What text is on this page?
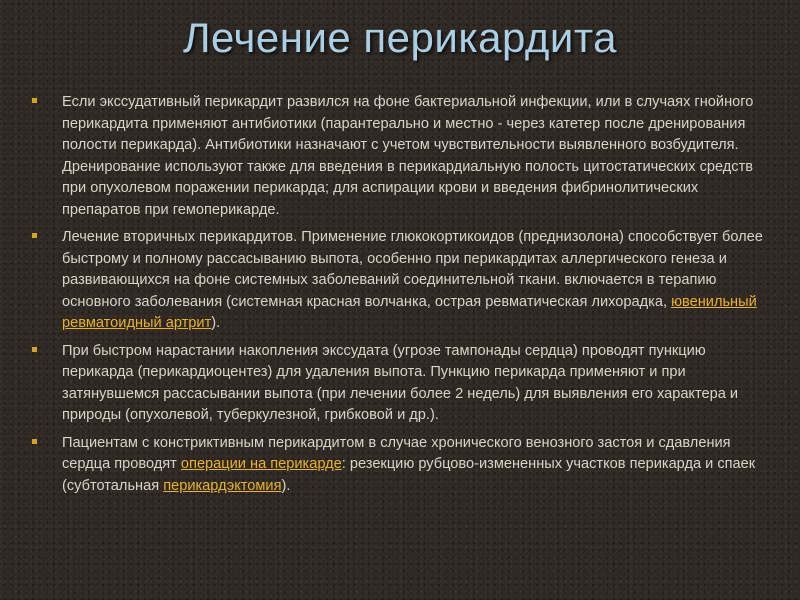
Лечение перикардита
Если экссудативный перикардит развился на фоне бактериальной инфекции, или в случаях гнойного перикардита применяют антибиотики (парантерально и местно - через катетер после дренирования полости перикарда). Антибиотики назначают с учетом чувствительности выявленного возбудителя. Дренирование используют также для введения в перикардиальную полость цитостатических средств при опухолевом поражении перикарда; для аспирации крови и введения фибринолитических препаратов при гемоперикарде.
Лечение вторичных перикардитов. Применение глюкокортикоидов (преднизолона) способствует более быстрому и полному рассасыванию выпота, особенно при перикардитах аллергического генеза и развивающихся на фоне системных заболеваний соединительной ткани. включается в терапию основного заболевания (системная красная волчанка, острая ревматическая лихорадка, ювенильный ревматоидный артрит).
При быстром нарастании накопления экссудата (угрозе тампонады сердца) проводят пункцию перикарда (перикардиоцентез) для удаления выпота. Пункцию перикарда применяют и при затянувшемся рассасывании выпота (при лечении более 2 недель) для выявления его характера и природы (опухолевой, туберкулезной, грибковой и др.).
Пациентам с констриктивным перикардитом в случае хронического венозного застоя и сдавления сердца проводят операции на перикарде: резекцию рубцово-измененных участков перикарда и спаек (субтотальная перикардэктомия).
